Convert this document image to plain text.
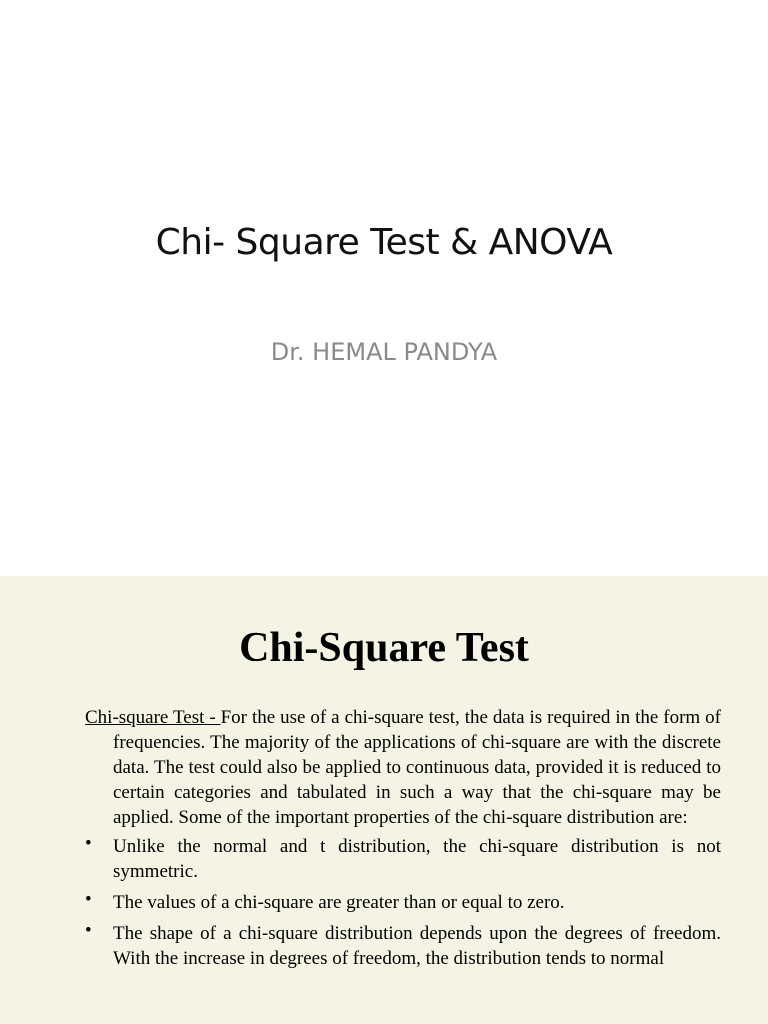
Chi- Square Test & ANOVA
Dr. HEMAL PANDYA
Chi-Square Test

Chi-square Test - For the use of a chi-square test, the data is required in the form of frequencies. The majority of the applications of chi-square are with the discrete data. The test could also be applied to continuous data, provided it is reduced to certain categories and tabulated in such a way that the chi-square may be applied. Some of the important properties of the chi-square distribution are:

• Unlike the normal and t distribution, the chi-square distribution is not symmetric.
• The values of a chi-square are greater than or equal to zero.
• The shape of a chi-square distribution depends upon the degrees of freedom. With the increase in degrees of freedom, the distribution tends to normal
